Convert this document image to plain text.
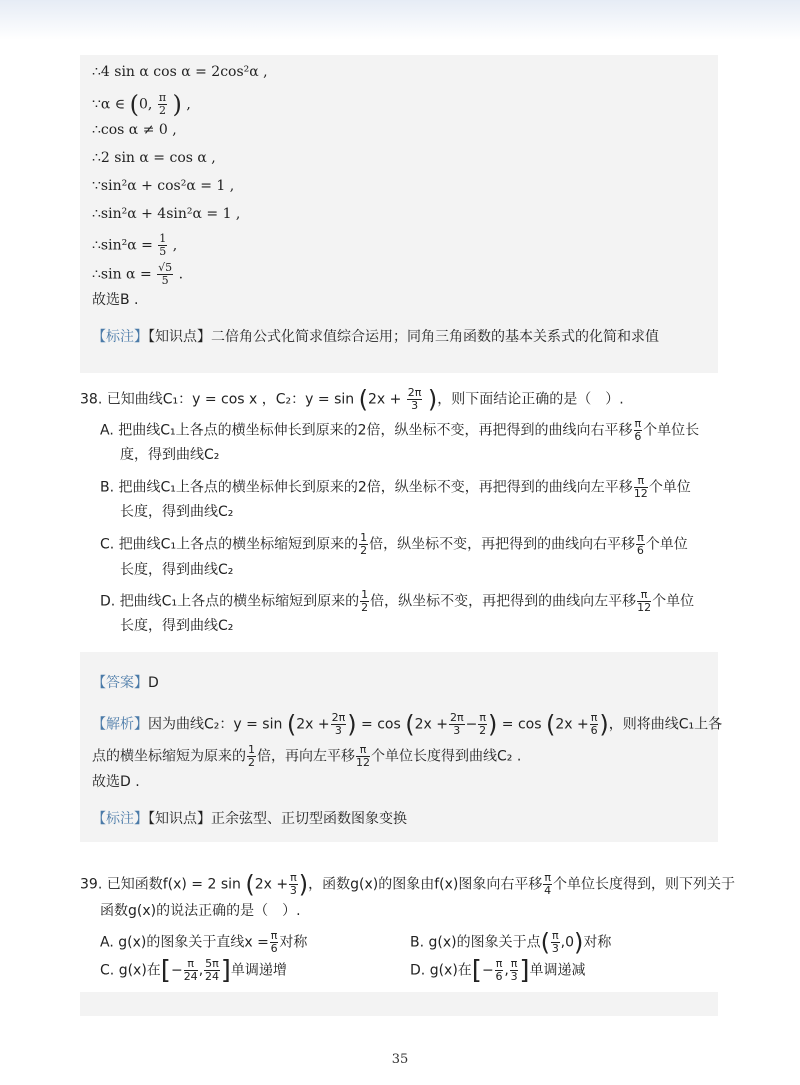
∴4 sin α cos α = 2cos²α ,
∵α ∈ (0, $\frac{\pi}{2}$ ) ,
∴cos α ≠ 0 ,
∴2 sin α = cos α ,
∵sin²α + cos²α = 1 ,
∴sin²α + 4sin²α = 1 ,
∴sin²α = $\frac{1}{5}$ ,
∴sin $\alpha = \frac{√5}{5}$ .
故选B .
【标注】【知识点】二倍角公式化简求值综合运用；同角三角函数的基本关系式的化简和求值
38. 已知曲线C₁：y = cos x ，C₂：$y = \sin (2x + \frac{2\pi}{3}$ )，则下面结论正确的是（　）.
A. 把曲线C₁上各点的横坐标伸长到原来的2倍，纵坐标不变，再把得到的曲线向右平移 $\frac{\pi}{6}$ 个单位长
度，得到曲线C₂
B. 把曲线C₁上各点的横坐标伸长到原来的2倍，纵坐标不变，再把得到的曲线向左平移 $\frac{\pi}{12}$ 个单位
长度，得到曲线C₂
C. 把曲线C₁上各点的横坐标缩短到原来的 $\frac{1}{2}$ 倍，纵坐标不变，再把得到的曲线向右平移 $\frac{\pi}{6}$ 个单位
长度，得到曲线C₂
D. 把曲线C₁上各点的横坐标缩短到原来的 $\frac{1}{2}$ 倍，纵坐标不变，再把得到的曲线向左平移 $\frac{\pi}{12}$ 个单位
长度，得到曲线C₂
【答案】D
【解析】因为曲线C₂：$y = \sin (2x + \frac{2\pi}{3}$ ) = $\cos (2x + \frac{2\pi}{3} - \frac{\pi}{2}$ ) = $\cos (2x + \frac{\pi}{6}$ )，则将曲线C₁上各
点的横坐标缩短为原来的 $\frac{1}{2}$ 倍，再向左平移 $\frac{\pi}{12}$ 个单位长度得到曲线C₂ .
故选D .
【标注】【知识点】正余弦型、正切型函数图象变换
39. 已知函数f(x) = 2 $\sin (2x + \frac{\pi}{3}$ )，函数g(x)的图象由f(x)图象向右平移 $\frac{\pi}{4}$ 个单位长度得到，则下列关于
函数g(x)的说法正确的是（　）.
A. g(x)的图象关于直线$x = \frac{\pi}{6}$ 对称	B. g(x)的图象关于点( $\frac{\pi}{3} ,0$)对称
C. g(x)在[− $\frac{\pi}{24}$ , $\frac{5\pi}{24}$ ]单调递增	D. g(x)在[− $\frac{\pi}{6}$ , $\frac{\pi}{3}$ ]单调递减
35
